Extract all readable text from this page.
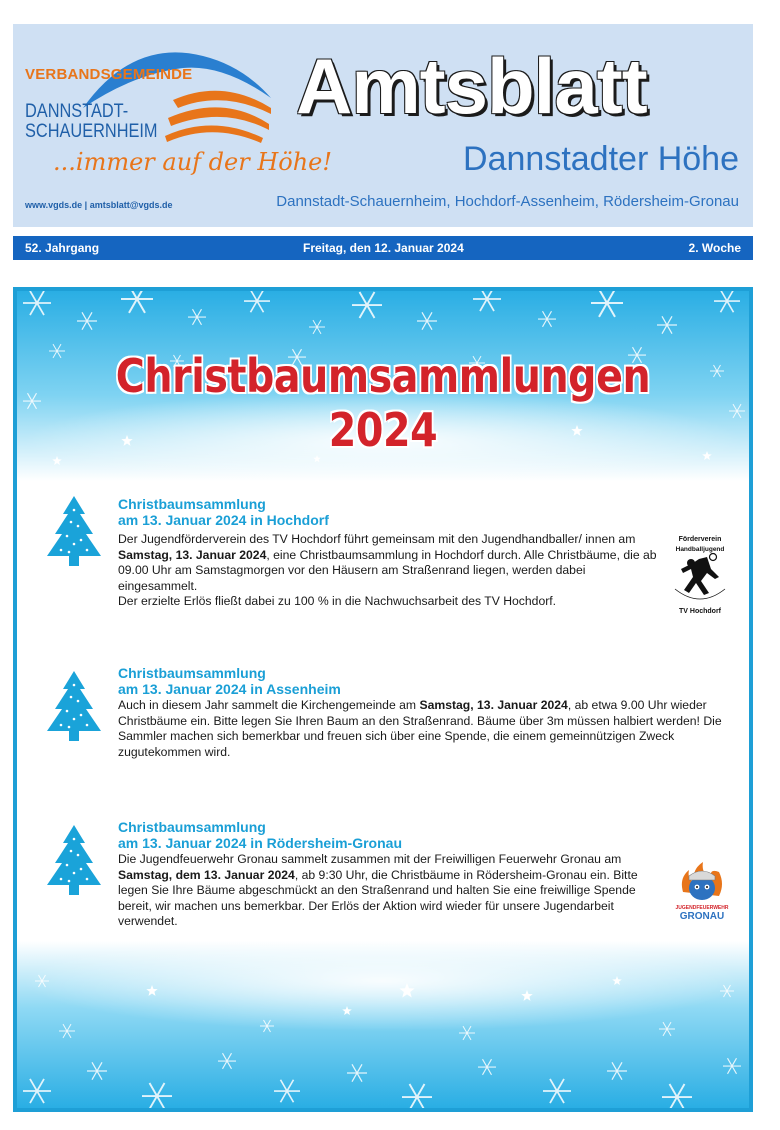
VERBANDSGEMEINDE
DANNSTADT-
SCHAUERNHEIM
...immer auf der Höhe!
www.vgds.de | amtsblatt@vgds.de
Amtsblatt
Dannstadter Höhe
Dannstadt-Schauernheim, Hochdorf-Assenheim, Rödersheim-Gronau
52. Jahrgang	Freitag, den 12. Januar 2024	2. Woche
Christbaumsammlungen 2024
Christbaumsammlung
am 13. Januar 2024 in Hochdorf
Der Jugendförderverein des TV Hochdorf führt gemeinsam mit den Jugendhandballer/ innen am Samstag, 13. Januar 2024, eine Christbaumsammlung in Hochdorf durch. Alle Christbäume, die ab 09.00 Uhr am Samstagmorgen vor den Häusern am Straßenrand liegen, werden dabei eingesammelt.
Der erzielte Erlös fließt dabei zu 100 % in die Nachwuchsarbeit des TV Hochdorf.
Förderverein
Handballjugend
TV Hochdorf
Christbaumsammlung
am 13. Januar 2024 in Assenheim
Auch in diesem Jahr sammelt die Kirchengemeinde am Samstag, 13. Januar 2024, ab etwa 9.00 Uhr wieder Christbäume ein. Bitte legen Sie Ihren Baum an den Straßenrand. Bäume über 3m müssen halbiert werden! Die Sammler machen sich bemerkbar und freuen sich über eine Spende, die einem gemeinnützigen Zweck zugutekommen wird.
Christbaumsammlung
am 13. Januar 2024 in Rödersheim-Gronau
Die Jugendfeuerwehr Gronau sammelt zusammen mit der Freiwilligen Feuerwehr Gronau am Samstag, dem 13. Januar 2024, ab 9:30 Uhr, die Christbäume in Rödersheim-Gronau ein. Bitte legen Sie Ihre Bäume abgeschmückt an den Straßenrand und halten Sie eine freiwillige Spende bereit, wir machen uns bemerkbar. Der Erlös der Aktion wird wieder für unsere Jugendarbeit verwendet.
JUGENDFEUERWEHR
GRONAU
